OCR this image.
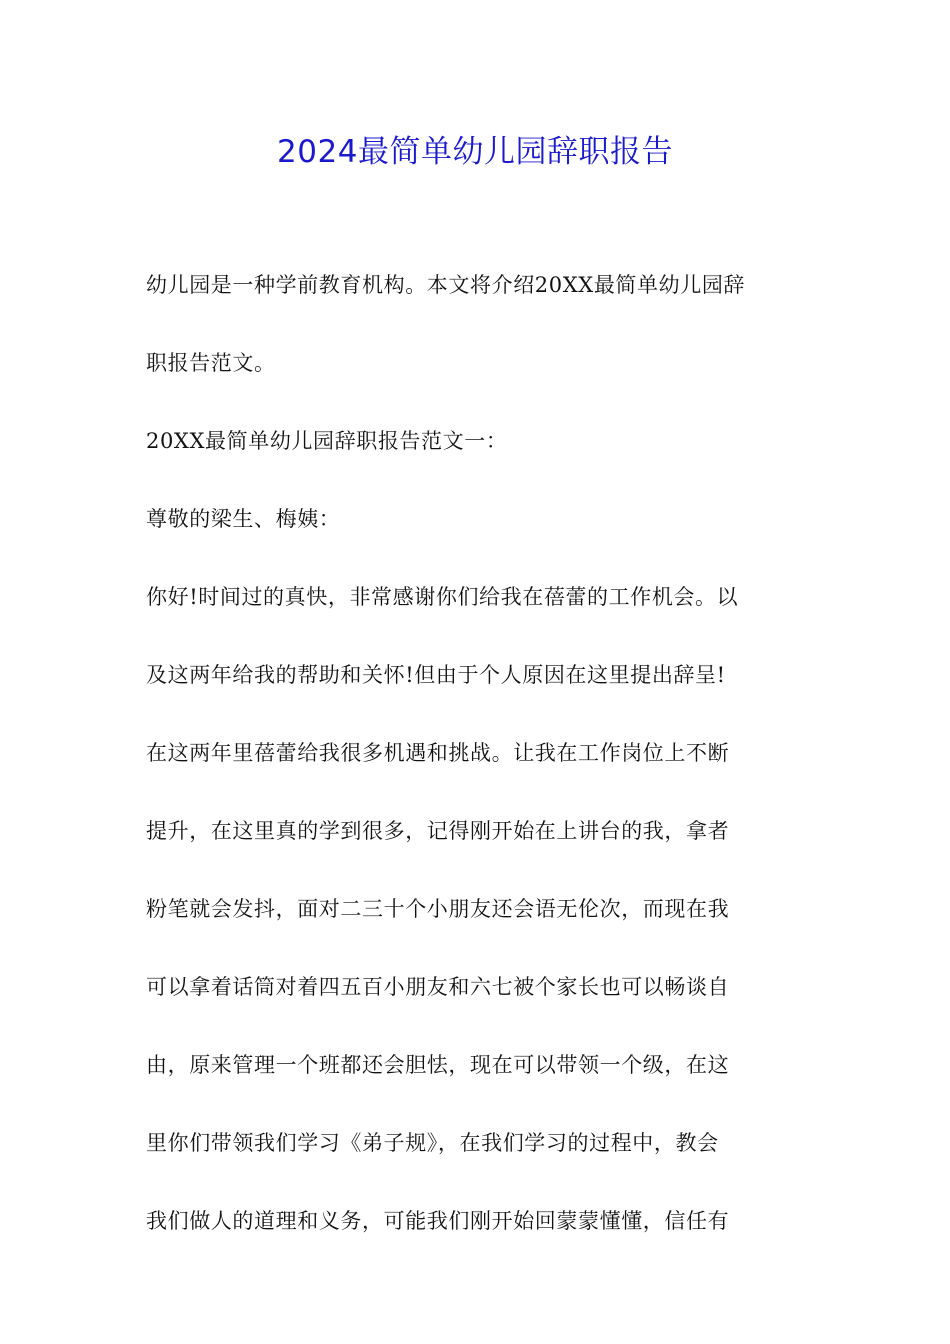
2024最简单幼儿园辞职报告
幼儿园是一种学前教育机构。本文将介绍20XX最简单幼儿园辞
职报告范文。
20XX最简单幼儿园辞职报告范文一：
尊敬的梁生、梅姨：
你好!时间过的真快，非常感谢你们给我在蓓蕾的工作机会。以
及这两年给我的帮助和关怀!但由于个人原因在这里提出辞呈!
在这两年里蓓蕾给我很多机遇和挑战。让我在工作岗位上不断
提升，在这里真的学到很多，记得刚开始在上讲台的我，拿者
粉笔就会发抖，面对二三十个小朋友还会语无伦次，而现在我
可以拿着话筒对着四五百小朋友和六七被个家长也可以畅谈自
由，原来管理一个班都还会胆怯，现在可以带领一个级，在这
里你们带领我们学习《弟子规》，在我们学习的过程中，教会
我们做人的道理和义务，可能我们刚开始回蒙蒙懂懂，信任有
